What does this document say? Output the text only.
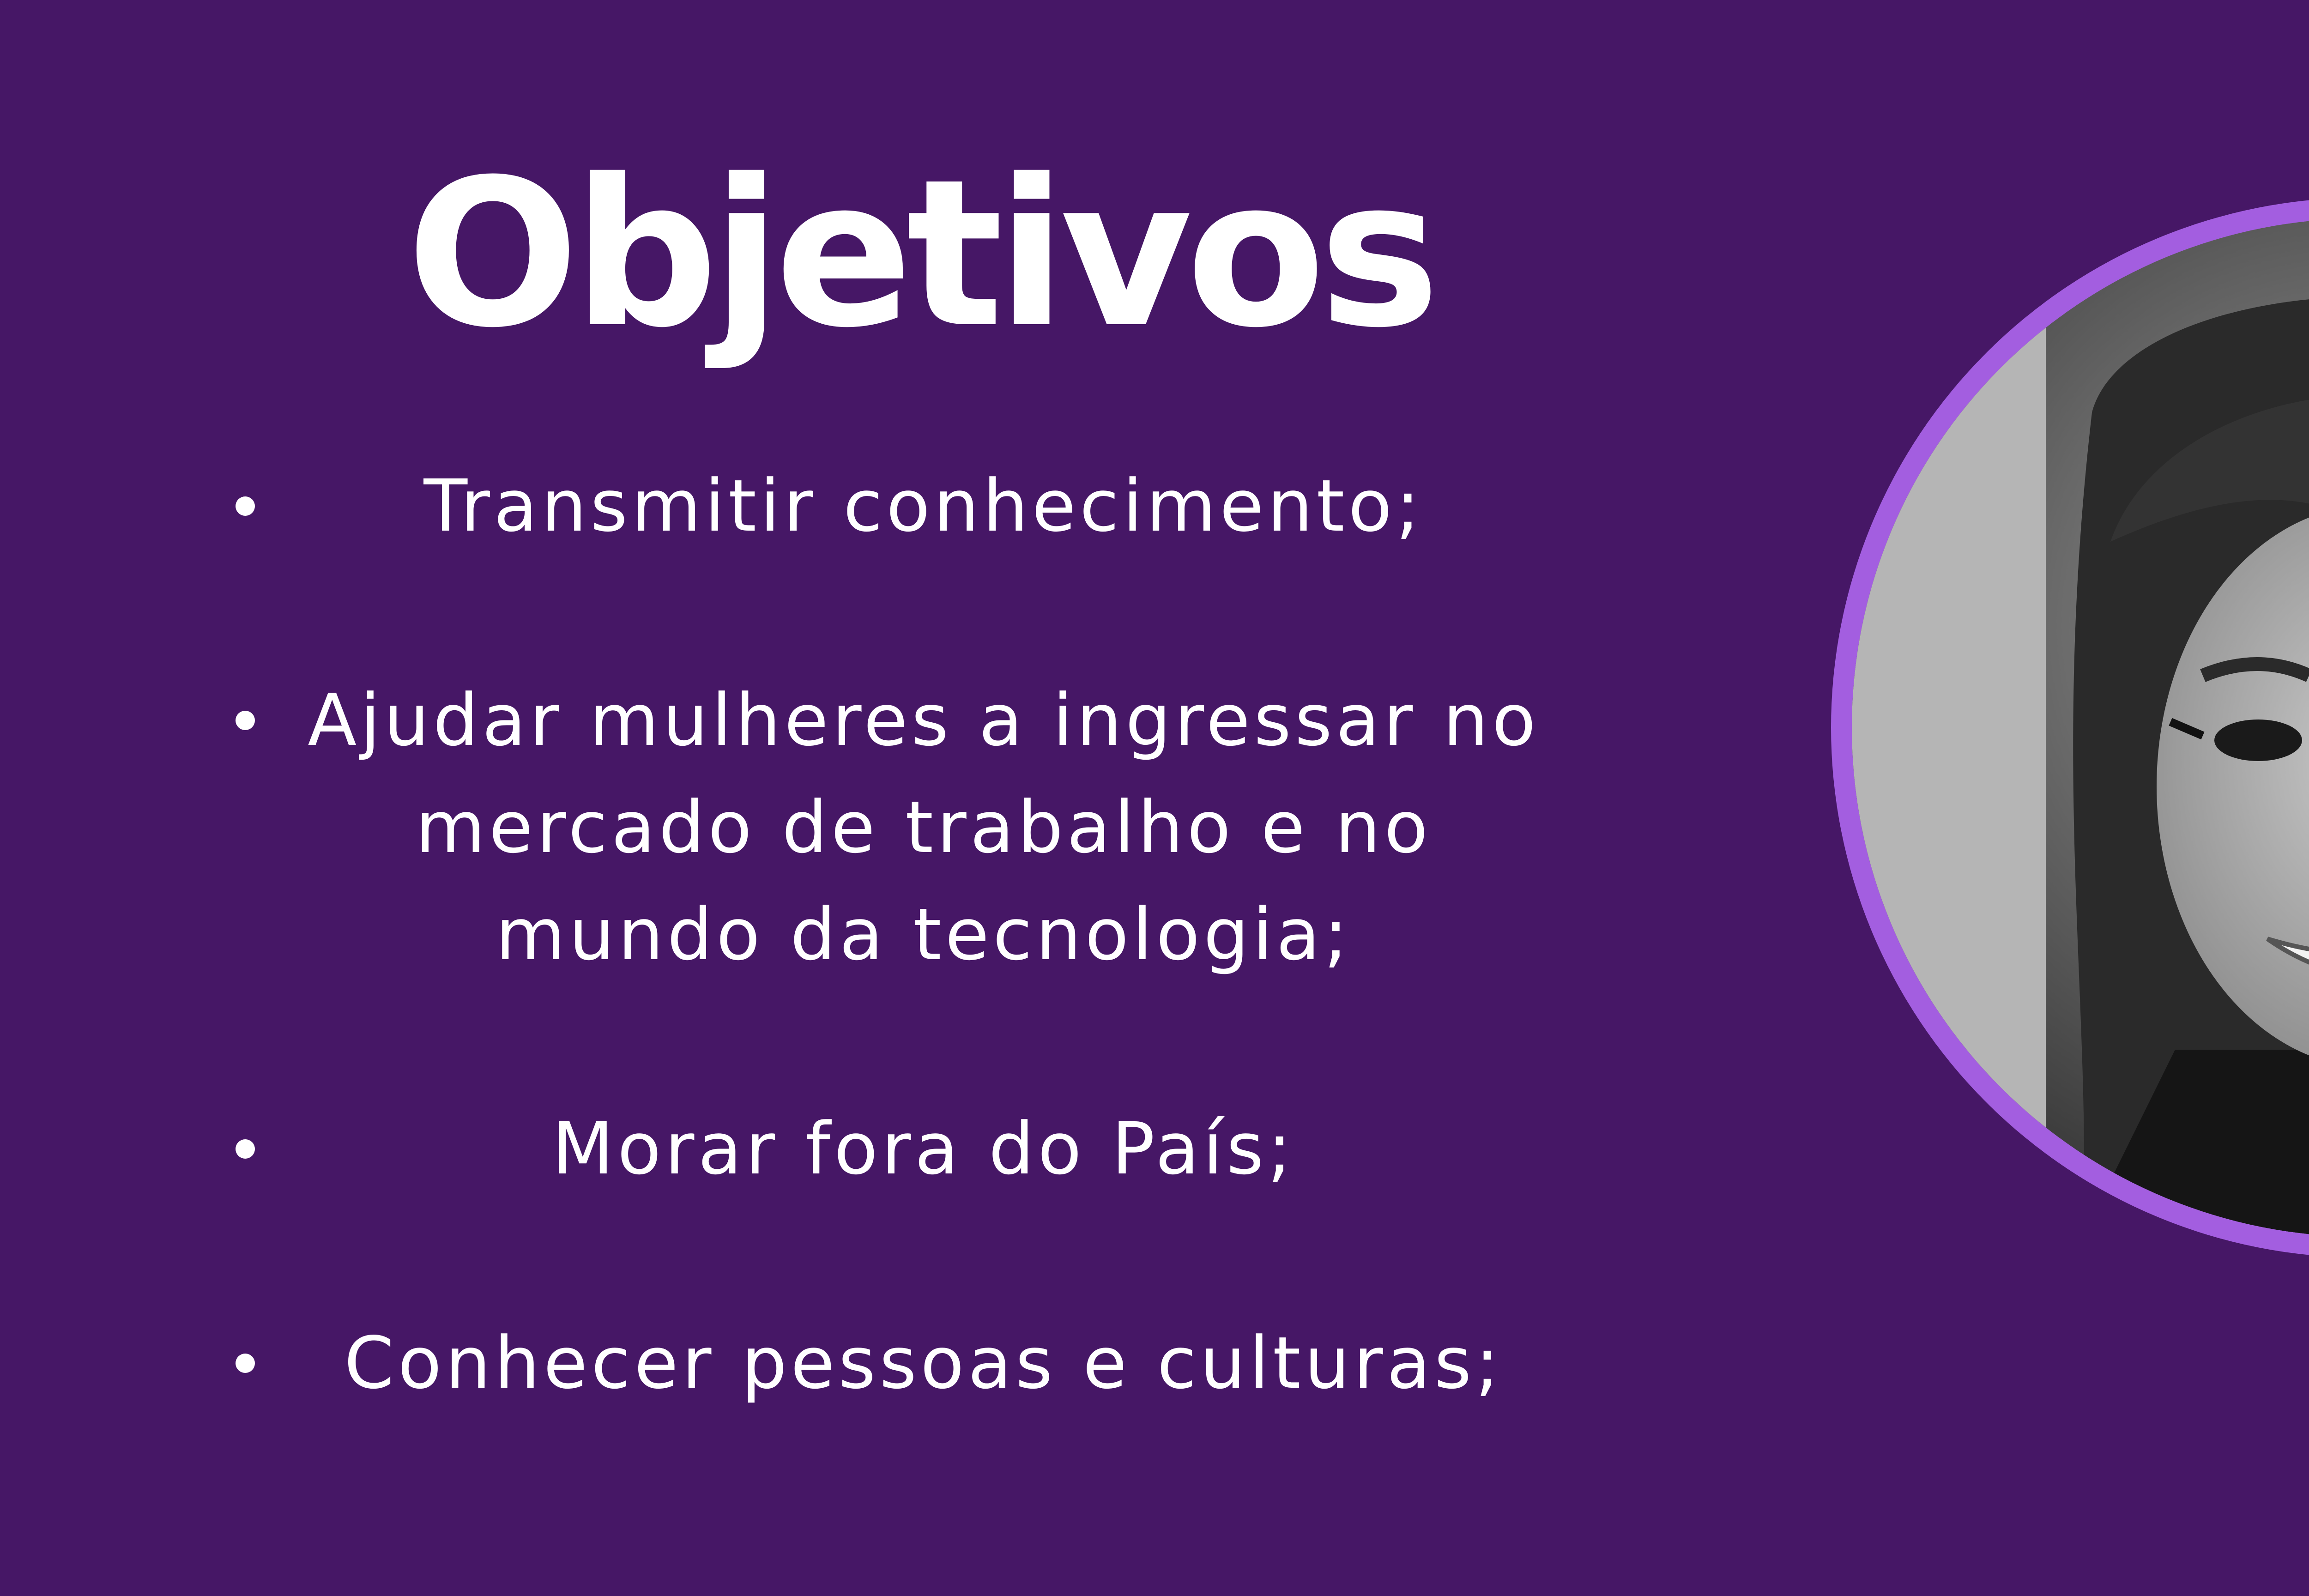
Objetivos
Transmitir conhecimento;
Ajudar mulheres a ingressar no mercado de trabalho e no mundo da tecnologia;
Morar fora do País;
Conhecer pessoas e culturas;
